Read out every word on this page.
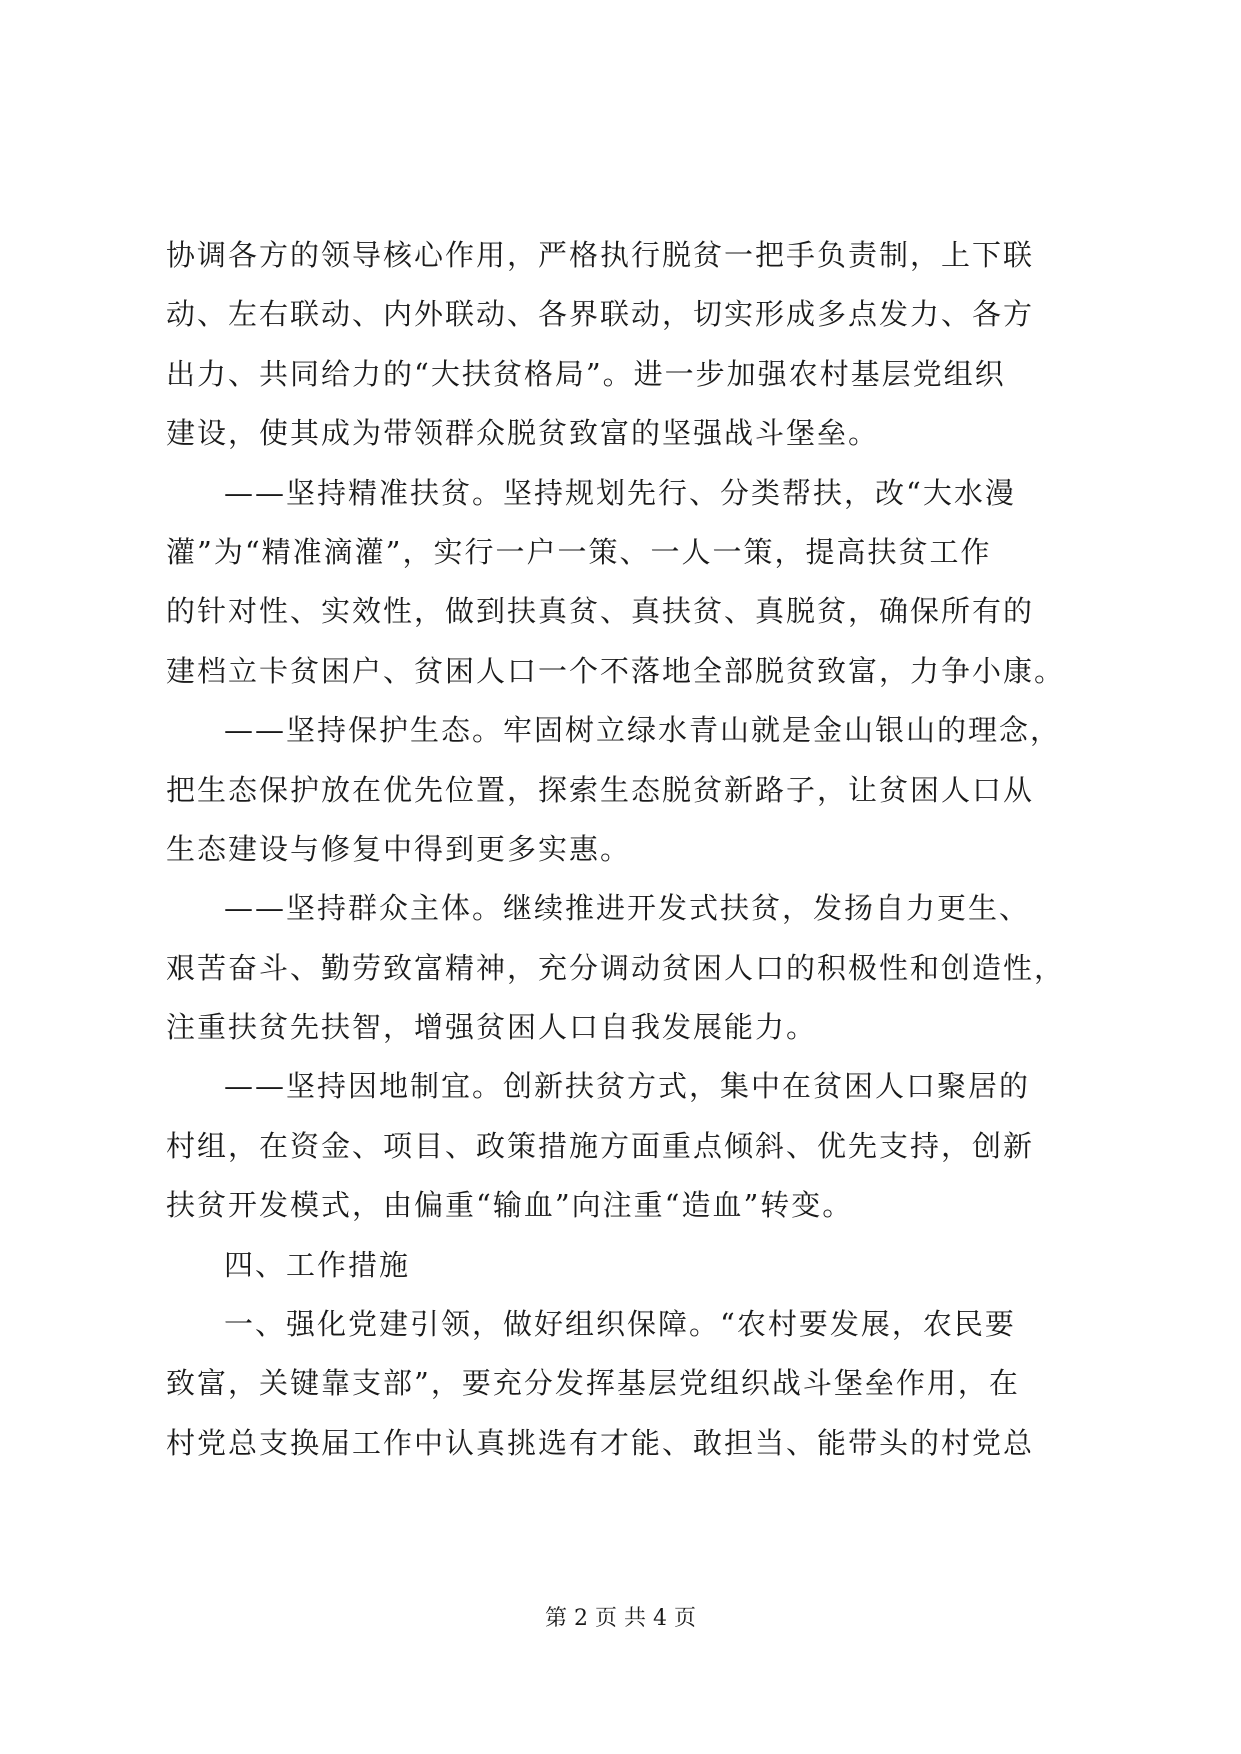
协调各方的领导核心作用，严格执行脱贫一把手负责制，上下联
动、左右联动、内外联动、各界联动，切实形成多点发力、各方
出力、共同给力的“大扶贫格局”。进一步加强农村基层党组织
建设，使其成为带领群众脱贫致富的坚强战斗堡垒。
——坚持精准扶贫。坚持规划先行、分类帮扶，改“大水漫
灌”为“精准滴灌”，实行一户一策、一人一策，提高扶贫工作
的针对性、实效性，做到扶真贫、真扶贫、真脱贫，确保所有的
建档立卡贫困户、贫困人口一个不落地全部脱贫致富，力争小康。
——坚持保护生态。牢固树立绿水青山就是金山银山的理念，
把生态保护放在优先位置，探索生态脱贫新路子，让贫困人口从
生态建设与修复中得到更多实惠。
——坚持群众主体。继续推进开发式扶贫，发扬自力更生、
艰苦奋斗、勤劳致富精神，充分调动贫困人口的积极性和创造性，
注重扶贫先扶智，增强贫困人口自我发展能力。
——坚持因地制宜。创新扶贫方式，集中在贫困人口聚居的
村组，在资金、项目、政策措施方面重点倾斜、优先支持，创新
扶贫开发模式，由偏重“输血”向注重“造血”转变。
四、工作措施
一、强化党建引领，做好组织保障。“农村要发展，农民要
致富，关键靠支部”，要充分发挥基层党组织战斗堡垒作用，在
村党总支换届工作中认真挑选有才能、敢担当、能带头的村党总
第 2 页 共 4 页
